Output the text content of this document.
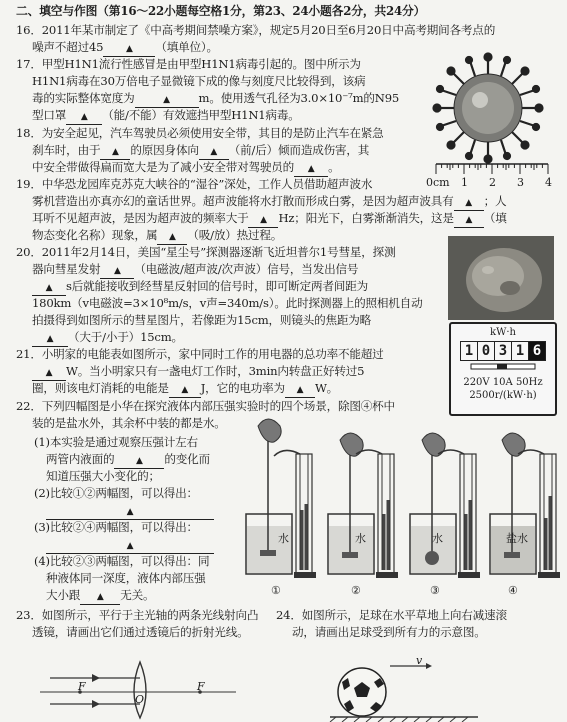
二、填空与作图（第16～22小题每空格1分，第23、24小题各2分，共24分）
16．2011年某市制定了《中高考期间禁噪方案》，规定5月20日至6月20日中高考期间各考点的
噪声不超过45	▲ （填单位）。
17．甲型H1N1流行性感冒是由甲型H1N1病毒引起的。图中所示为
H1N1病毒在30万倍电子显微镜下成的像与刻度尺比较得到，该病
毒的实际整体宽度为	▲ m。使用透气孔径为3.0×10⁻⁷m的N95
型口罩 ▲ （能/不能）有效遮挡甲型H1N1病毒。
0cm 1 2 3 4
18．为安全起见，汽车驾驶员必须使用安全带，其目的是防止汽车在紧急
刹车时，由于 ▲ 的原因身体向 ▲ （前/后）倾而造成伤害，其
中安全带做得扁而宽大是为了减小安全带对驾驶员的 ▲ 。
19．中华恐龙园库克苏克大峡谷的“湿谷”深处，工作人员借助超声波水
雾机营造出亦真亦幻的童话世界。超声波能将水打散而形成白雾，是因为超声波具有 ▲ ；人
耳听不见超声波，是因为超声波的频率大于 ▲ Hz；阳光下，白雾渐渐消失，这是 ▲ （填
物态变化名称）现象，属 ▲ （吸/放）热过程。
20．2011年2月14日，美国“星尘号”探测器逐渐飞近坦普尔1号彗星，探测
器向彗星发射 ▲ （电磁波/超声波/次声波）信号，当发出信号
▲ s后就能接收到经彗星反射回的信号时，即可断定两者间距为
180km（v电磁波=3×10⁸m/s，v声=340m/s）。此时探测器上的照相机自动
拍摄得到如图所示的彗星图片，若像距为15cm，则镜头的焦距为略
▲ （大于/小于）15cm。
21．小明家的电能表如图所示，家中同时工作的用电器的总功率不能超过
▲ W。当小明家只有一盏电灯工作时，3min内转盘正好转过5
圈，则该电灯消耗的电能是 ▲ J，它的电功率为 ▲ W。
kW·h
1 0 3 1 6
220V 10A 50Hz
2500r/(kW·h)
22．下列四幅图是小华在探究液体内部压强实验时的四个场景，除图④杯中
装的是盐水外，其余杯中装的都是水。
(1)本实验是通过观察压强计左右
两管内液面的 ▲ 的变化而
知道压强大小变化的；
(2)比较①②两幅图，可以得出：
▲
(3)比较②④两幅图，可以得出：
▲
(4)比较②③两幅图，可以得出：同
种液体同一深度，液体内部压强
大小跟 ▲ 无关。
水	水	水	盐水
①	②	③	④
23．如图所示，平行于主光轴的两条光线射向凸
透镜，请画出它们通过透镜后的折射光线。
F
O
F
24．如图所示，足球在水平草地上向右减速滚
动，请画出足球受到所有力的示意图。
v
